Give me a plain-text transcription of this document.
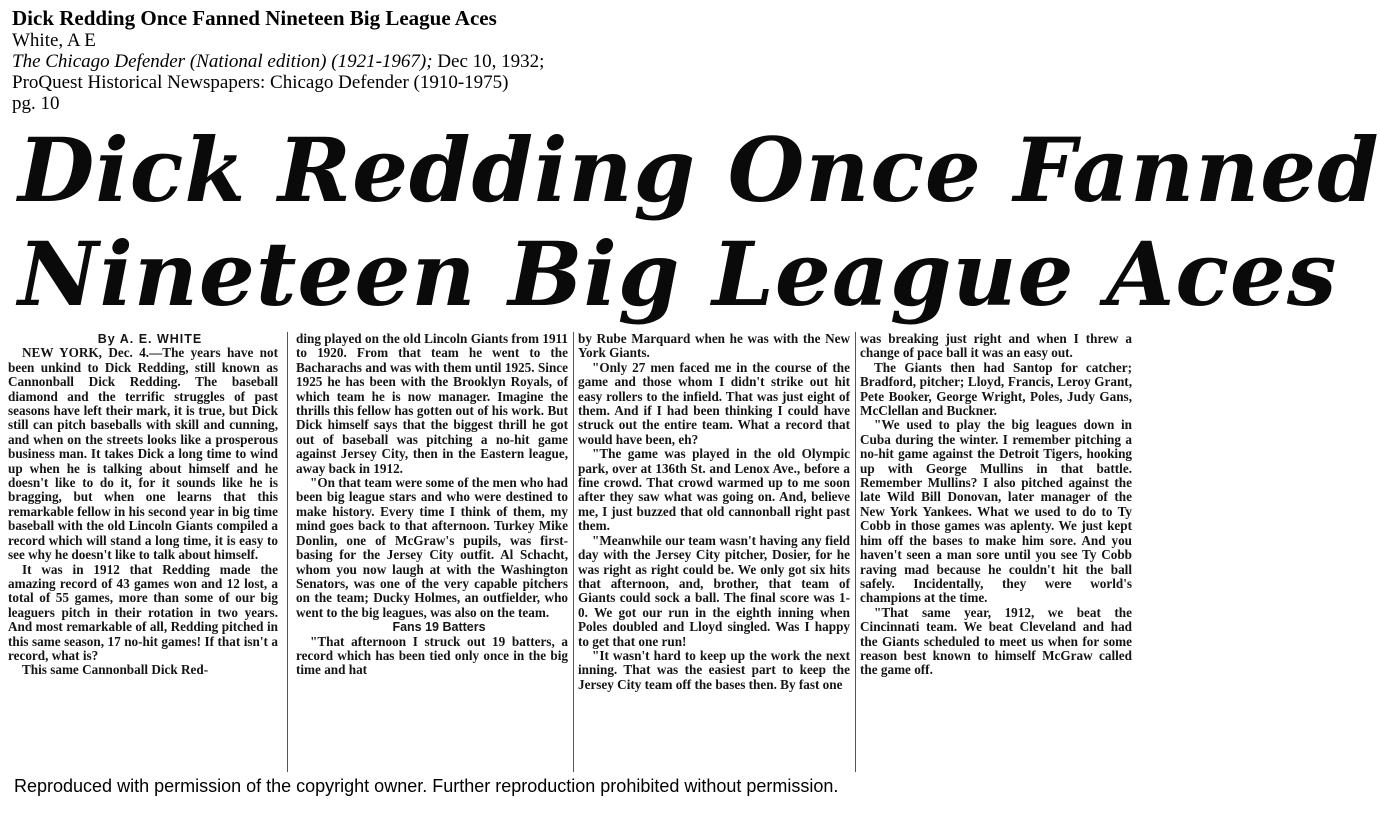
Dick Redding Once Fanned Nineteen Big League Aces
White, A E
The Chicago Defender (National edition) (1921-1967); Dec 10, 1932;
ProQuest Historical Newspapers: Chicago Defender (1910-1975)
pg. 10
Dick Redding Once Fanned
Nineteen Big League Aces

By A. E. WHITE

NEW YORK, Dec. 4.—The years have not been unkind to Dick Redding, still known as Cannonball Dick Redding. The baseball diamond and the terrific struggles of past seasons have left their mark, it is true, but Dick still can pitch baseballs with skill and cunning, and when on the streets looks like a prosperous business man. It takes Dick a long time to wind up when he is talking about himself and he doesn't like to do it, for it sounds like he is bragging, but when one learns that this remarkable fellow in his second year in big time baseball with the old Lincoln Giants compiled a record which will stand a long time, it is easy to see why he doesn't like to talk about himself.

It was in 1912 that Redding made the amazing record of 43 games won and 12 lost, a total of 55 games, more than some of our big leaguers pitch in their rotation in two years. And most remarkable of all, Redding pitched in this same season, 17 no-hit games! If that isn't a record, what is?

This same Cannonball Dick Red-

ding played on the old Lincoln Giants from 1911 to 1920. From that team he went to the Bacharachs and was with them until 1925. Since 1925 he has been with the Brooklyn Royals, of which team he is now manager. Imagine the thrills this fellow has gotten out of his work. But Dick himself says that the biggest thrill he got out of baseball was pitching a no-hit game against Jersey City, then in the Eastern league, away back in 1912.

"On that team were some of the men who had been big league stars and who were destined to make history. Every time I think of them, my mind goes back to that afternoon. Turkey Mike Donlin, one of McGraw's pupils, was first-basing for the Jersey City outfit. Al Schacht, whom you now laugh at with the Washington Senators, was one of the very capable pitchers on the team; Ducky Holmes, an outfielder, who went to the big leagues, was also on the team.

Fans 19 Batters

"That afternoon I struck out 19 batters, a record which has been tied only once in the big time and hat

by Rube Marquard when he was with the New York Giants.

"Only 27 men faced me in the course of the game and those whom I didn't strike out hit easy rollers to the infield. That was just eight of them. And if I had been thinking I could have struck out the entire team. What a record that would have been, eh?

"The game was played in the old Olympic park, over at 136th St. and Lenox Ave., before a fine crowd. That crowd warmed up to me soon after they saw what was going on. And, believe me, I just buzzed that old cannonball right past them.

"Meanwhile our team wasn't having any field day with the Jersey City pitcher, Dosier, for he was right as right could be. We only got six hits that afternoon, and, brother, that team of Giants could sock a ball. The final score was 1-0. We got our run in the eighth inning when Poles doubled and Lloyd singled. Was I happy to get that one run!

"It wasn't hard to keep up the work the next inning. That was the easiest part to keep the Jersey City team off the bases then. By fast one

was breaking just right and when I threw a change of pace ball it was an easy out.

The Giants then had Santop for catcher; Bradford, pitcher; Lloyd, Francis, Leroy Grant, Pete Booker, George Wright, Poles, Judy Gans, McClellan and Buckner.

"We used to play the big leagues down in Cuba during the winter. I remember pitching a no-hit game against the Detroit Tigers, hooking up with George Mullins in that battle. Remember Mullins? I also pitched against the late Wild Bill Donovan, later manager of the New York Yankees. What we used to do to Ty Cobb in those games was aplenty. We just kept him off the bases to make him sore. And you haven't seen a man sore until you see Ty Cobb raving mad because he couldn't hit the ball safely. Incidentally, they were world's champions at the time.

"That same year, 1912, we beat the Cincinnati team. We beat Cleveland and had the Giants scheduled to meet us when for some reason best known to himself McGraw called the game off.

Reproduced with permission of the copyright owner. Further reproduction prohibited without permission.
